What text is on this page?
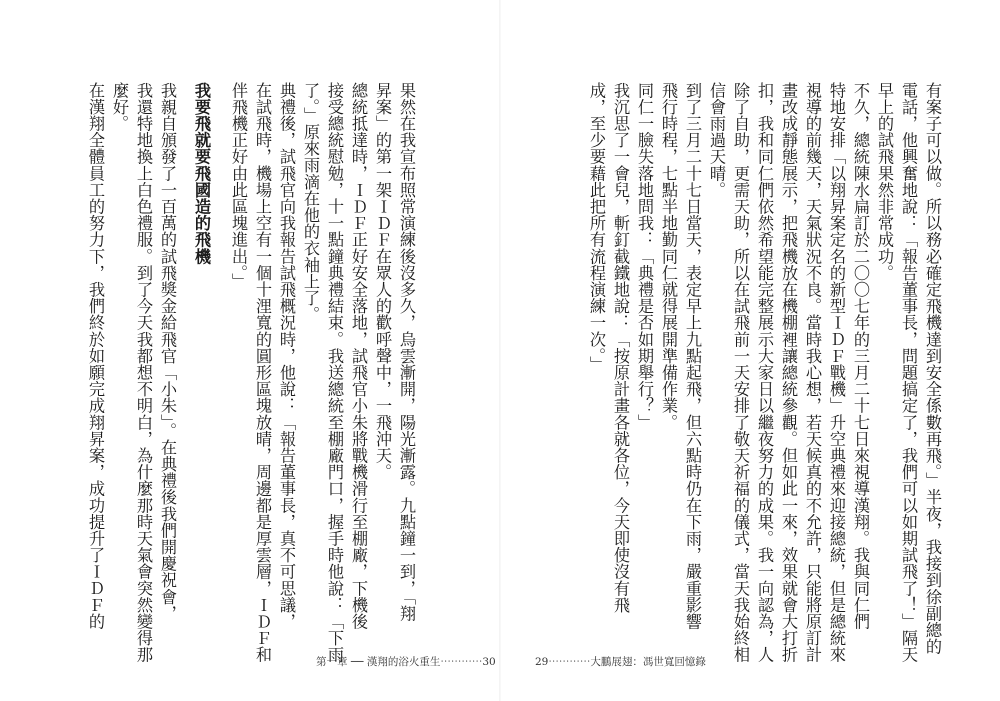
在漢翔全體員工的努力下，我們終於如願完成翔昇案，成功提升了ＩＤＦ的 麼好。 我還特地換上白色禮服。到了今天我都想不明白，為什麼那時天氣會突然變得那 我親自頒發了一百萬的試飛獎金給飛官「小朱」。在典禮後我們開慶祝會， 我要飛就要飛國造的飛機 伴飛機正好由此區塊進出。」 在試飛時，機場上空有一個十浬寬的圓形區塊放晴，周邊都是厚雲層，ＩＤＦ和 典禮後，試飛官向我報告試飛概況時，他說：「報告董事長，真不可思議， 了。」原來雨滴在他的衣袖上了。 接受總統慰勉，十一點鐘典禮結束。我送總統至棚廠門口，握手時他說：「下雨 總統抵達時，ＩＤＦ正好安全落地，試飛官小朱將戰機滑行至棚廠，下機後 昇案」的第一架ＩＤＦ在眾人的歡呼聲中，一飛沖天。 果然在我宣布照常演練後沒多久，烏雲漸開，陽光漸露。九點鐘一到，「翔
第一章 ── 漢翔的浴火重生⋯⋯⋯⋯30
成，至少要藉此把所有流程演練一次。」 我沉思了一會兒，斬釘截鐵地說：「按原計畫各就各位，今天即使沒有飛 同仁一臉失落地問我：「典禮是否如期舉行？」 飛行時程，七點半地勤同仁就得展開準備作業。 到了三月二十七日當天，表定早上九點起飛，但六點時仍在下雨，嚴重影響 信會雨過天晴。 除了自助，更需天助，所以在試飛前一天安排了敬天祈福的儀式，當天我始終相 扣，我和同仁們依然希望能完整展示大家日以繼夜努力的成果。我一向認為，人 畫改成靜態展示，把飛機放在機棚裡讓總統參觀。但如此一來，效果就會大打折 視導的前幾天，天氣狀況不良。當時我心想，若天候真的不允許，只能將原訂計 特地安排「以翔昇案定名的新型ＩＤＦ戰機」升空典禮來迎接總統，但是總統來 不久，總統陳水扁訂於二〇〇七年的三月二十七日來視導漢翔。我與同仁們 早上的試飛果然非常成功。 電話，他興奮地說：「報告董事長，問題搞定了，我們可以如期試飛了！」隔天 有案子可以做。所以務必確定飛機達到安全係數再飛。」半夜，我接到徐副總的
29⋯⋯⋯⋯大鵬展翅：馮世寬回憶錄
